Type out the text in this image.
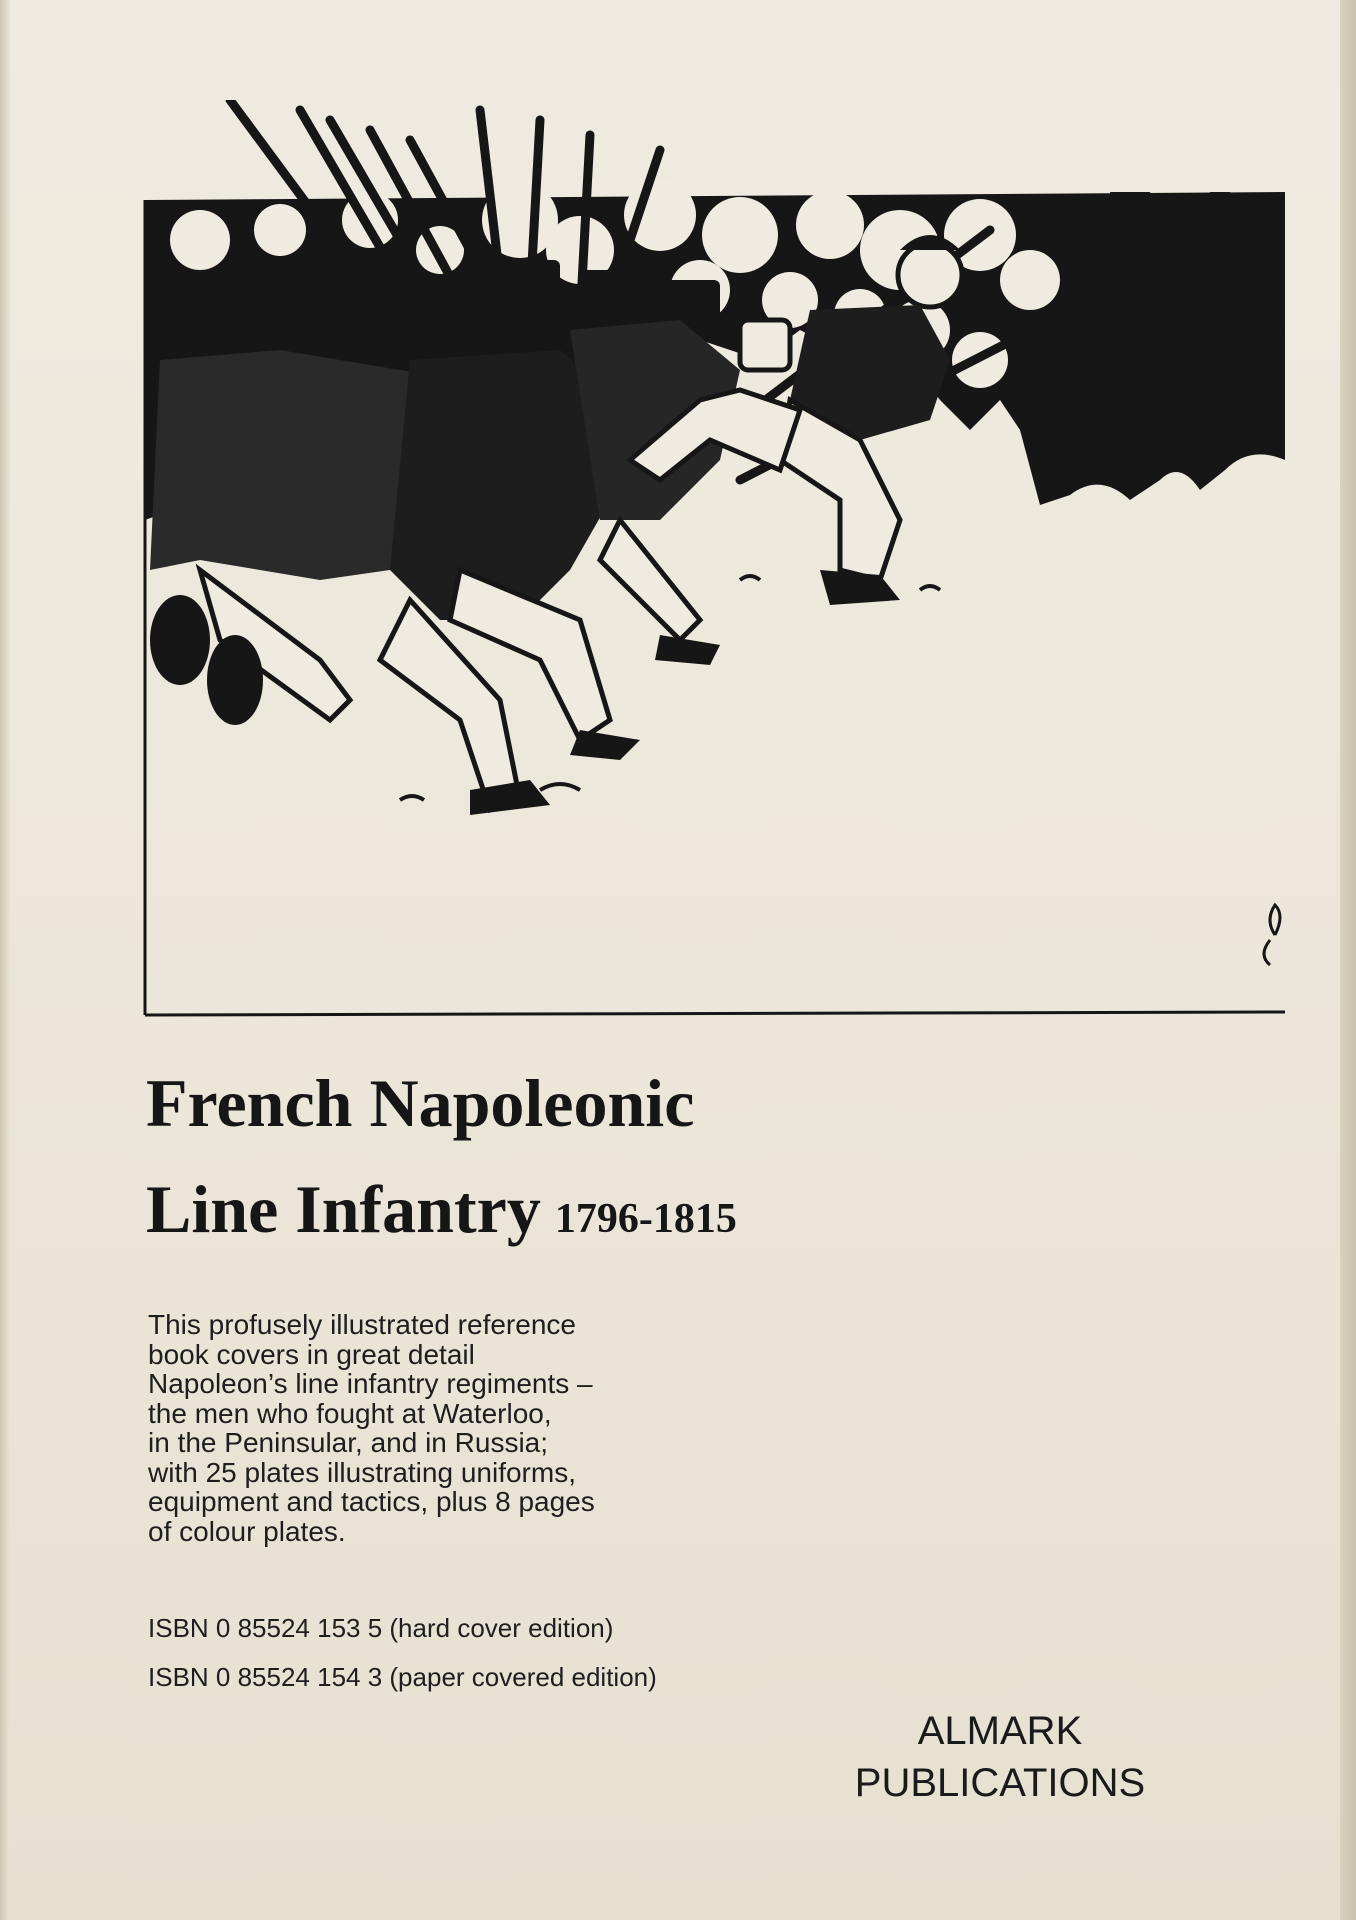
French Napoleonic
Line Infantry 1796-1815

This profusely illustrated reference
book covers in great detail
Napoleon’s line infantry regiments –
the men who fought at Waterloo,
in the Peninsular, and in Russia;
with 25 plates illustrating uniforms,
equipment and tactics, plus 8 pages
of colour plates.

ISBN 0 85524 153 5 (hard cover edition)
ISBN 0 85524 154 3 (paper covered edition)
ALMARK
PUBLICATIONS
